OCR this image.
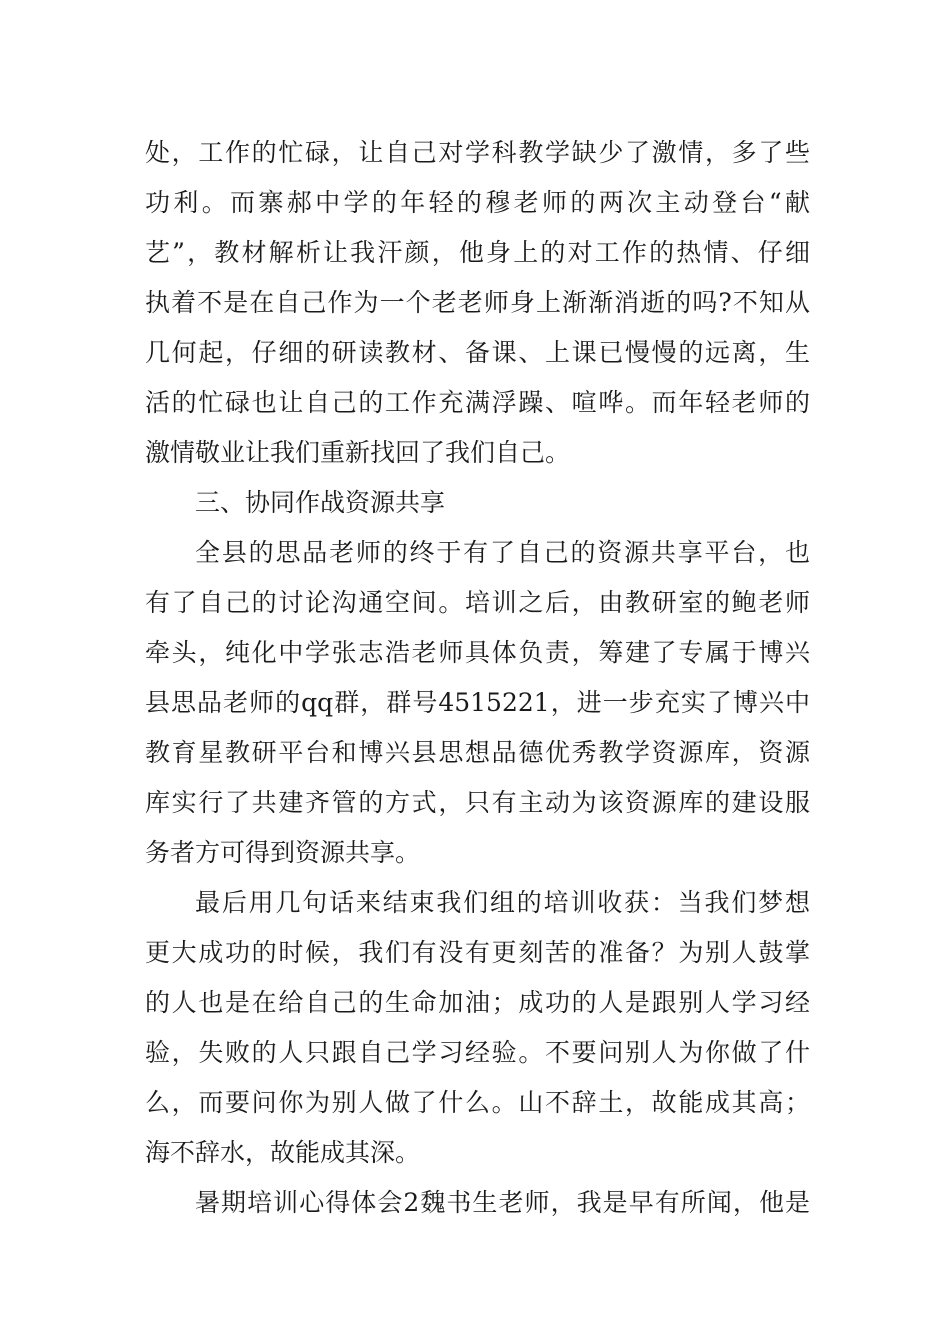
处，工作的忙碌，让自己对学科教学缺少了激情，多了些
功利。而寨郝中学的年轻的穆老师的两次主动登台“献
艺”，教材解析让我汗颜，他身上的对工作的热情、仔细
执着不是在自己作为一个老老师身上渐渐消逝的吗?不知从
几何起，仔细的研读教材、备课、上课已慢慢的远离，生
活的忙碌也让自己的工作充满浮躁、喧哗。而年轻老师的
激情敬业让我们重新找回了我们自己。
三、协同作战资源共享
全县的思品老师的终于有了自己的资源共享平台，也
有了自己的讨论沟通空间。培训之后，由教研室的鲍老师
牵头，纯化中学张志浩老师具体负责，筹建了专属于博兴
县思品老师的qq群，群号4515221，进一步充实了博兴中
教育星教研平台和博兴县思想品德优秀教学资源库，资源
库实行了共建齐管的方式，只有主动为该资源库的建设服
务者方可得到资源共享。
最后用几句话来结束我们组的培训收获：当我们梦想
更大成功的时候，我们有没有更刻苦的准备？为别人鼓掌
的人也是在给自己的生命加油；成功的人是跟别人学习经
验，失败的人只跟自己学习经验。不要问别人为你做了什
么，而要问你为别人做了什么。山不辞土，故能成其高；
海不辞水，故能成其深。
暑期培训心得体会2魏书生老师，我是早有所闻，他是
